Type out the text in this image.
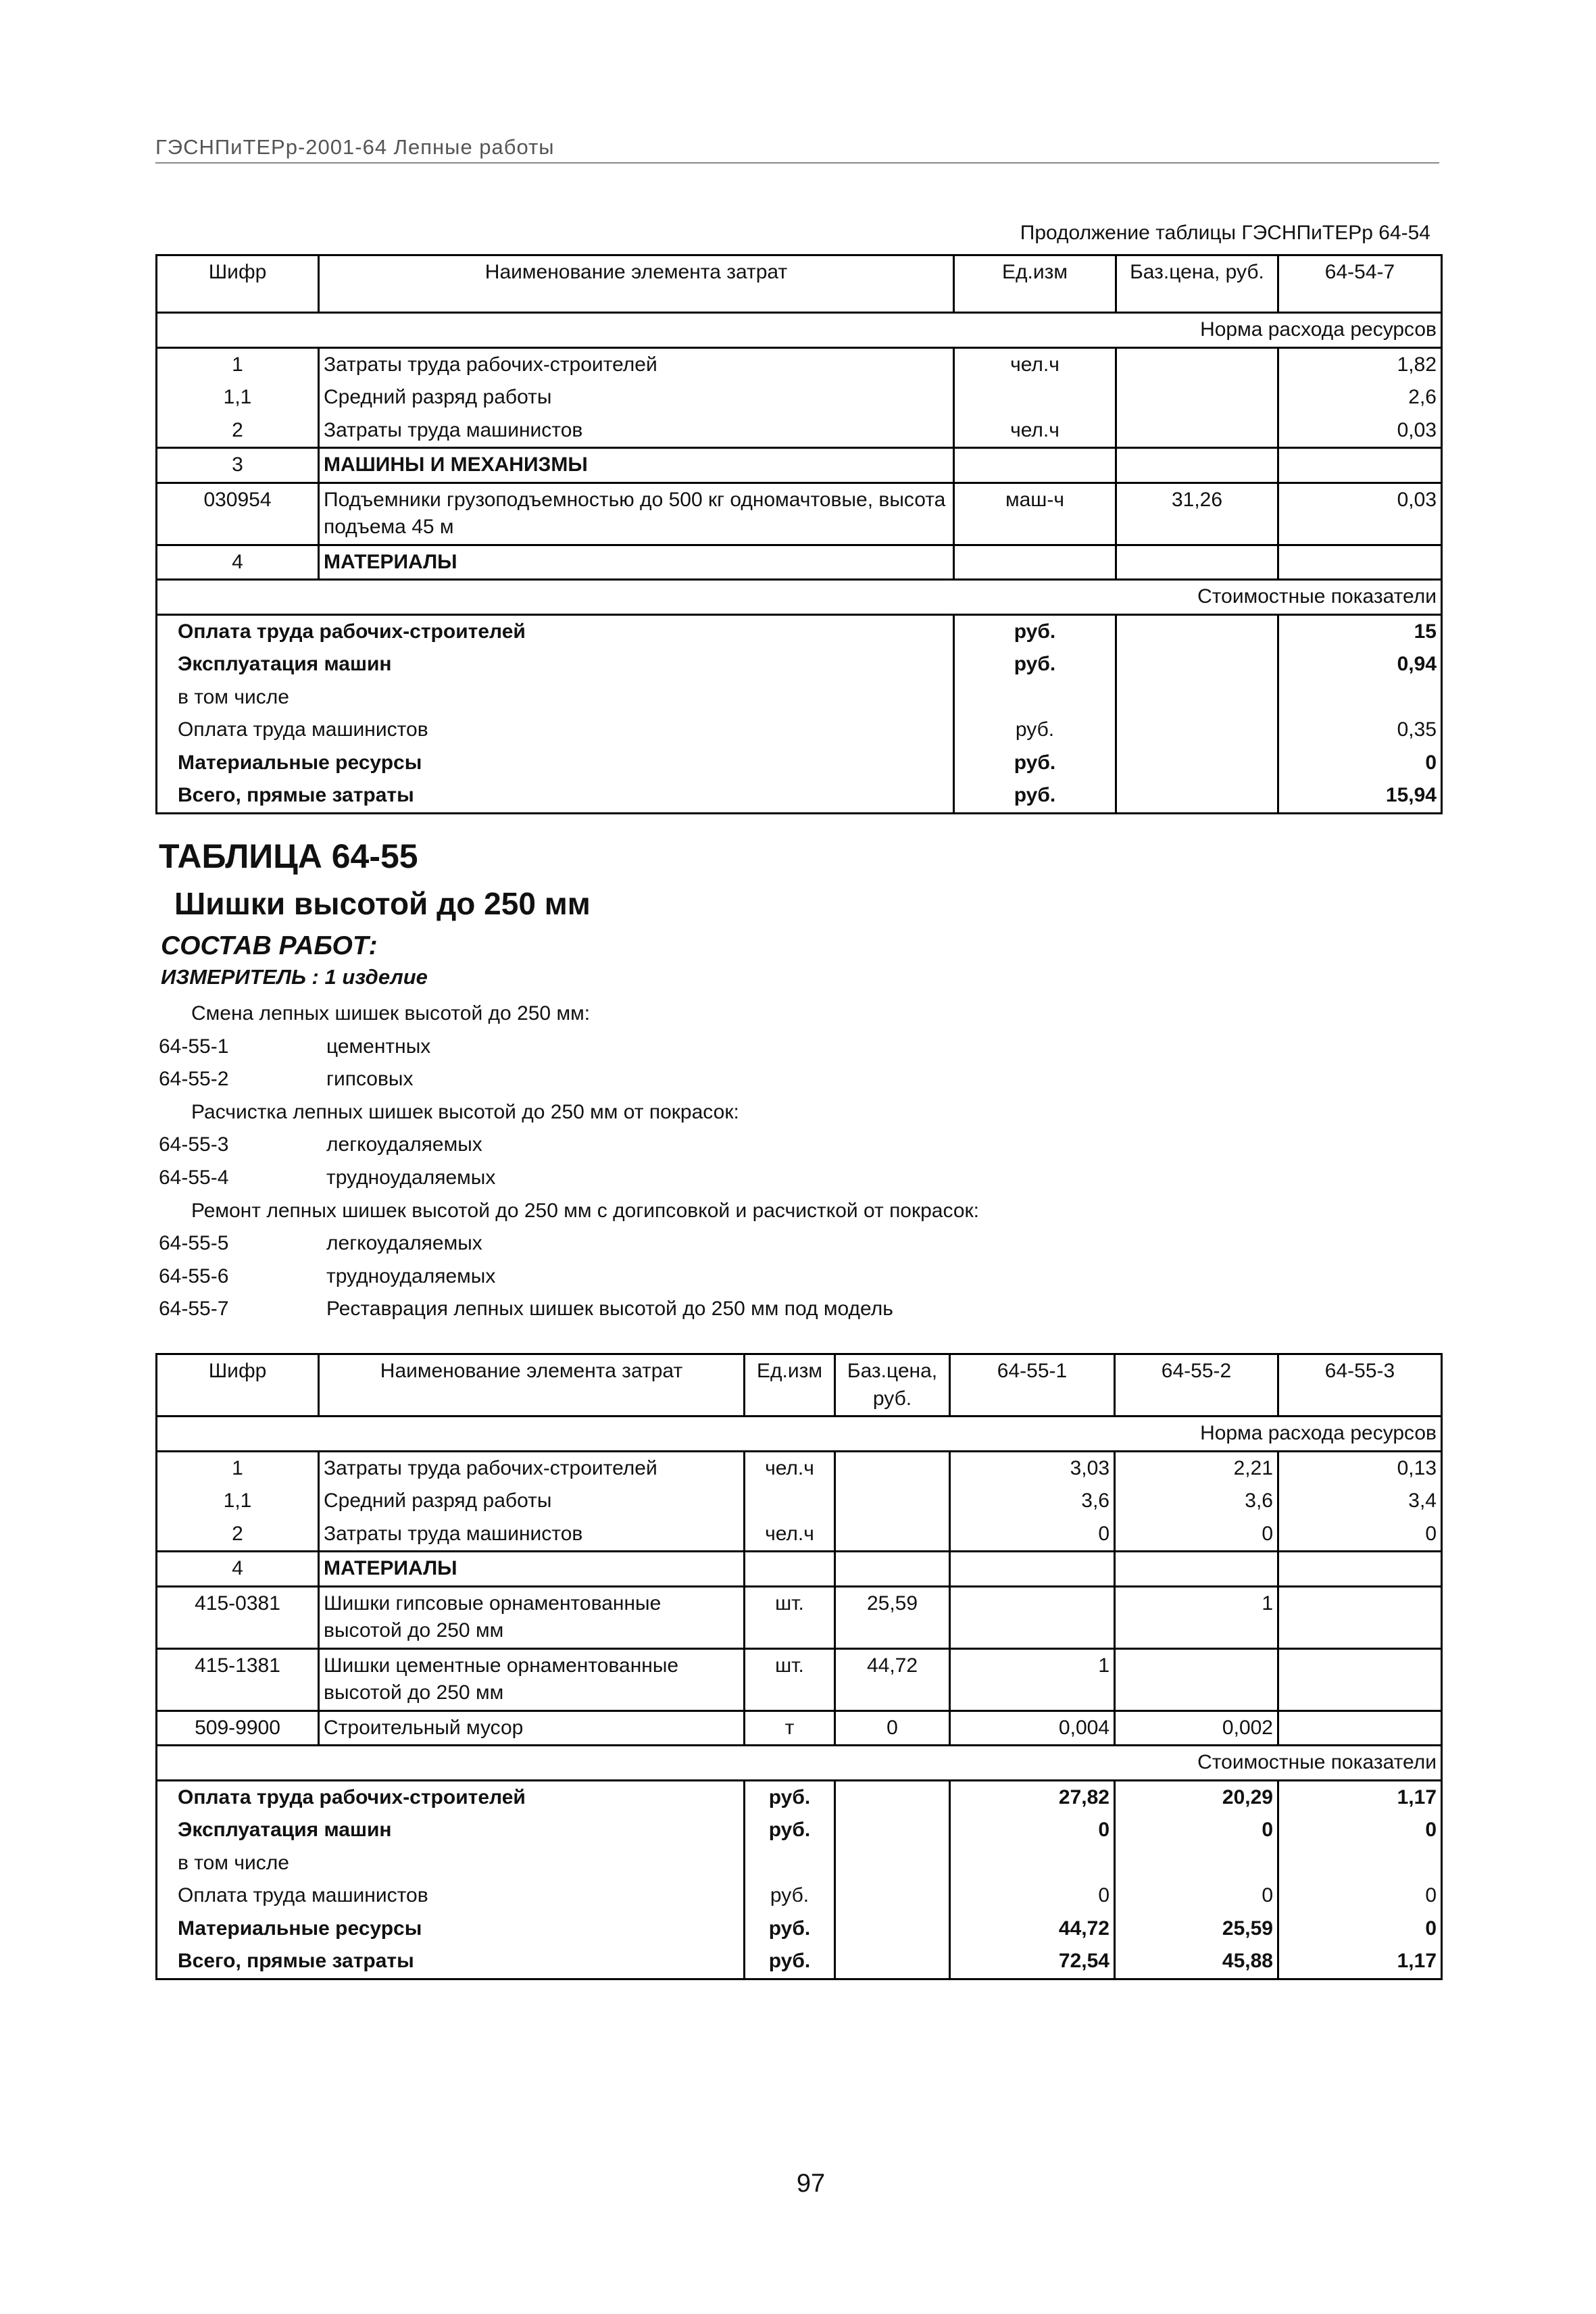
ГЭСНПиТЕРр-2001-64 Лепные работы
Продолжение таблицы ГЭСНПиТЕРр 64-54
Шифр	Наименование элемента затрат	Ед.изм	Баз.цена, руб.	64-54-7
Норма расхода ресурсов				
1	Затраты труда рабочих-строителей	чел.ч		1,82
1,1	Средний разряд работы			2,6
2	Затраты труда машинистов	чел.ч		0,03
3	МАШИНЫ И МЕХАНИЗМЫ			
030954	Подъемники грузоподъемностью до 500 кг одномачтовые, высота подъема 45 м	маш-ч	31,26	0,03
4	МАТЕРИАЛЫ			
Стоимостные показатели				
Оплата труда рабочих-строителей		руб.		15
Эксплуатация машин		руб.		0,94
в том числе				
Оплата труда машинистов		руб.		0,35
Материальные ресурсы		руб.		0
Всего, прямые затраты		руб.		15,94
ТАБЛИЦА 64-55
Шишки высотой до 250 мм
СОСТАВ РАБОТ:
ИЗМЕРИТЕЛЬ : 1 изделие
Смена лепных шишек высотой до 250 мм:
64-55-1	цементных
64-55-2	гипсовых
Расчистка лепных шишек высотой до 250 мм от покрасок:
64-55-3	легкоудаляемых
64-55-4	трудноудаляемых
Ремонт лепных шишек высотой до 250 мм с догипсовкой и расчисткой от покрасок:
64-55-5	легкоудаляемых
64-55-6	трудноудаляемых
64-55-7	Реставрация лепных шишек высотой до 250 мм под модель
Шифр	Наименование элемента затрат	Ед.изм	Баз.цена, руб.	64-55-1	64-55-2	64-55-3
Норма расхода ресурсов						
1	Затраты труда рабочих-строителей	чел.ч		3,03	2,21	0,13
1,1	Средний разряд работы			3,6	3,6	3,4
2	Затраты труда машинистов	чел.ч		0	0	0
4	МАТЕРИАЛЫ					
415-0381	Шишки гипсовые орнаментованные высотой до 250 мм	шт.	25,59		1	
415-1381	Шишки цементные орнаментованные высотой до 250 мм	шт.	44,72	1		
509-9900	Строительный мусор	т	0	0,004	0,002	
Стоимостные показатели						
Оплата труда рабочих-строителей		руб.		27,82	20,29	1,17
Эксплуатация машин		руб.		0	0	0
в том числе						
Оплата труда машинистов		руб.		0	0	0
Материальные ресурсы		руб.		44,72	25,59	0
Всего, прямые затраты		руб.		72,54	45,88	1,17
97
